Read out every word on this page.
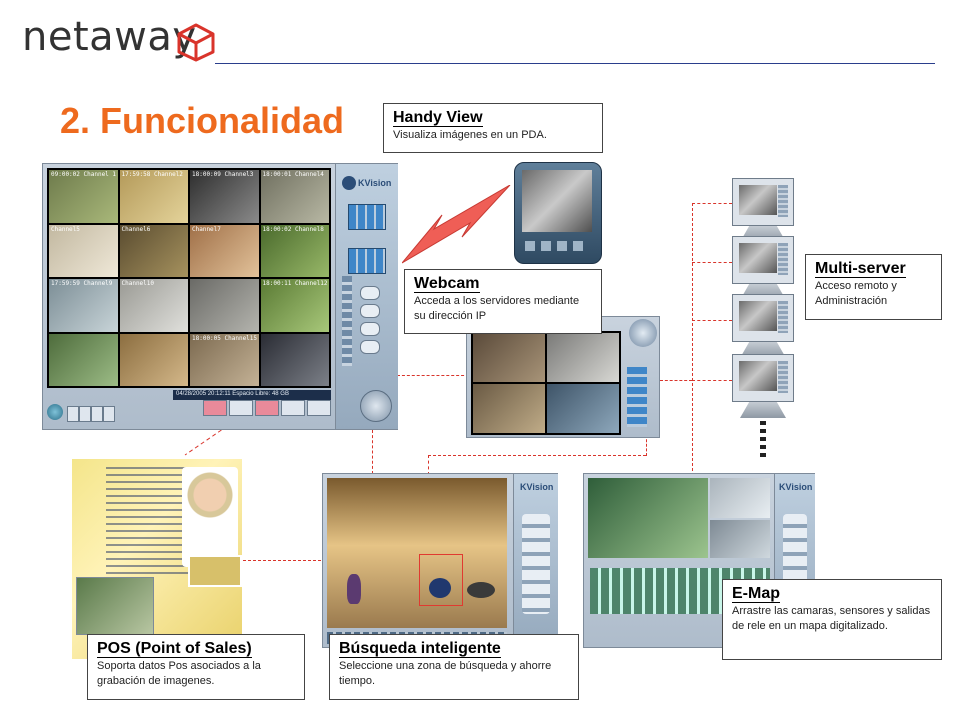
netaway
2. Funcionalidad
09:00:02 Channel 1 17:59:58 Channel2 18:00:09 Channel3 18:00:01 Channel4
Channel5	Channel6	Channel7	18:00:02 Channel8
17:59:59 Channel9 Channel10	18:00:11 Channel12
18:00:05 Channel15
04/28/2005 20:12:11 Espacio Libre: 48 GB
KVision
KVision	KVision
Handy View
Visualiza imágenes en un PDA.
Webcam
Acceda a los servidores mediante su dirección IP
Multi-server
Acceso remoto y Administración
E-Map
Arrastre las camaras, sensores y salidas de rele en un mapa digitalizado.
POS (Point of Sales)
Soporta datos Pos asociados a la grabación de imagenes.
Búsqueda inteligente
Seleccione una zona de búsqueda y ahorre tiempo.
